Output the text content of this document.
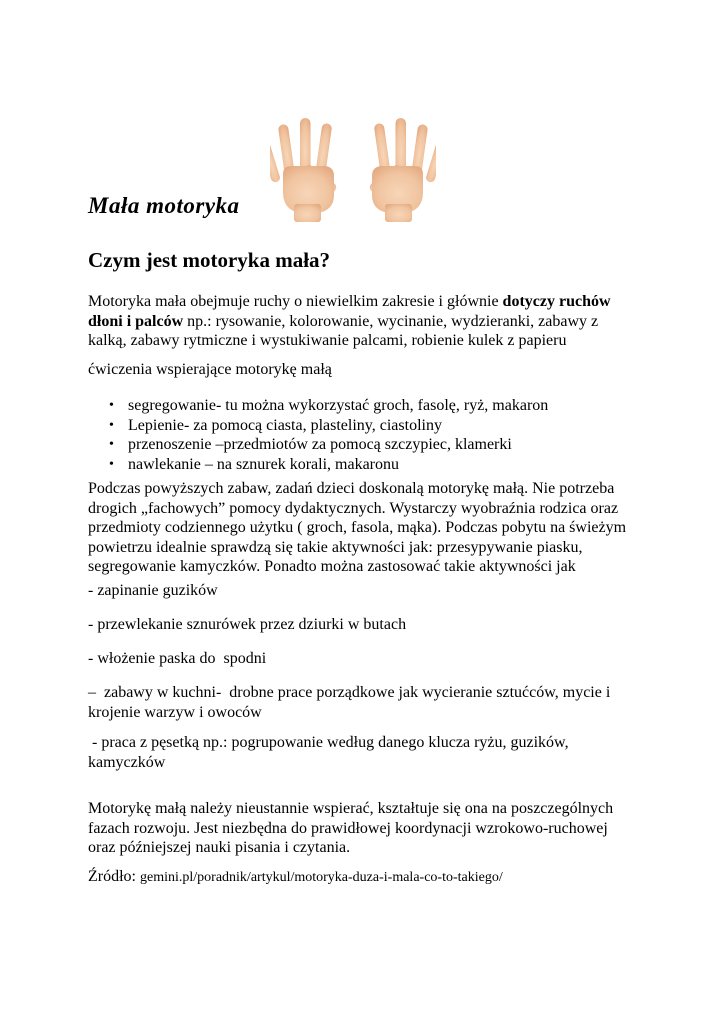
Mała motoryka
Czym jest motoryka mała?

Motoryka mała obejmuje ruchy o niewielkim zakresie i głównie dotyczy ruchów dłoni i palców np.: rysowanie, kolorowanie, wycinanie, wydzieranki, zabawy z kalką, zabawy rytmiczne i wystukiwanie palcami, robienie kulek z papieru

ćwiczenia wspierające motorykę małą

• segregowanie- tu można wykorzystać groch, fasolę, ryż, makaron
• Lepienie- za pomocą ciasta, plasteliny, ciastoliny
• przenoszenie –przedmiotów za pomocą szczypiec, klamerki
• nawlekanie – na sznurek korali, makaronu

Podczas powyższych zabaw, zadań dzieci doskonalą motorykę małą. Nie potrzeba drogich „fachowych” pomocy dydaktycznych. Wystarczy wyobraźnia rodzica oraz przedmioty codziennego użytku ( groch, fasola, mąka). Podczas pobytu na świeżym powietrzu idealnie sprawdzą się takie aktywności jak: przesypywanie piasku, segregowanie kamyczków. Ponadto można zastosować takie aktywności jak

- zapinanie guzików

- przewlekanie sznurówek przez dziurki w butach

- włożenie paska do  spodni

–  zabawy w kuchni-  drobne prace porządkowe jak wycieranie sztućców, mycie i krojenie warzyw i owoców

- praca z pęsetką np.: pogrupowanie według danego klucza ryżu, guzików, kamyczków

Motorykę małą należy nieustannie wspierać, kształtuje się ona na poszczególnych fazach rozwoju. Jest niezbędna do prawidłowej koordynacji wzrokowo-ruchowej oraz późniejszej nauki pisania i czytania.

Źródło: gemini.pl/poradnik/artykul/motoryka-duza-i-mala-co-to-takiego/
